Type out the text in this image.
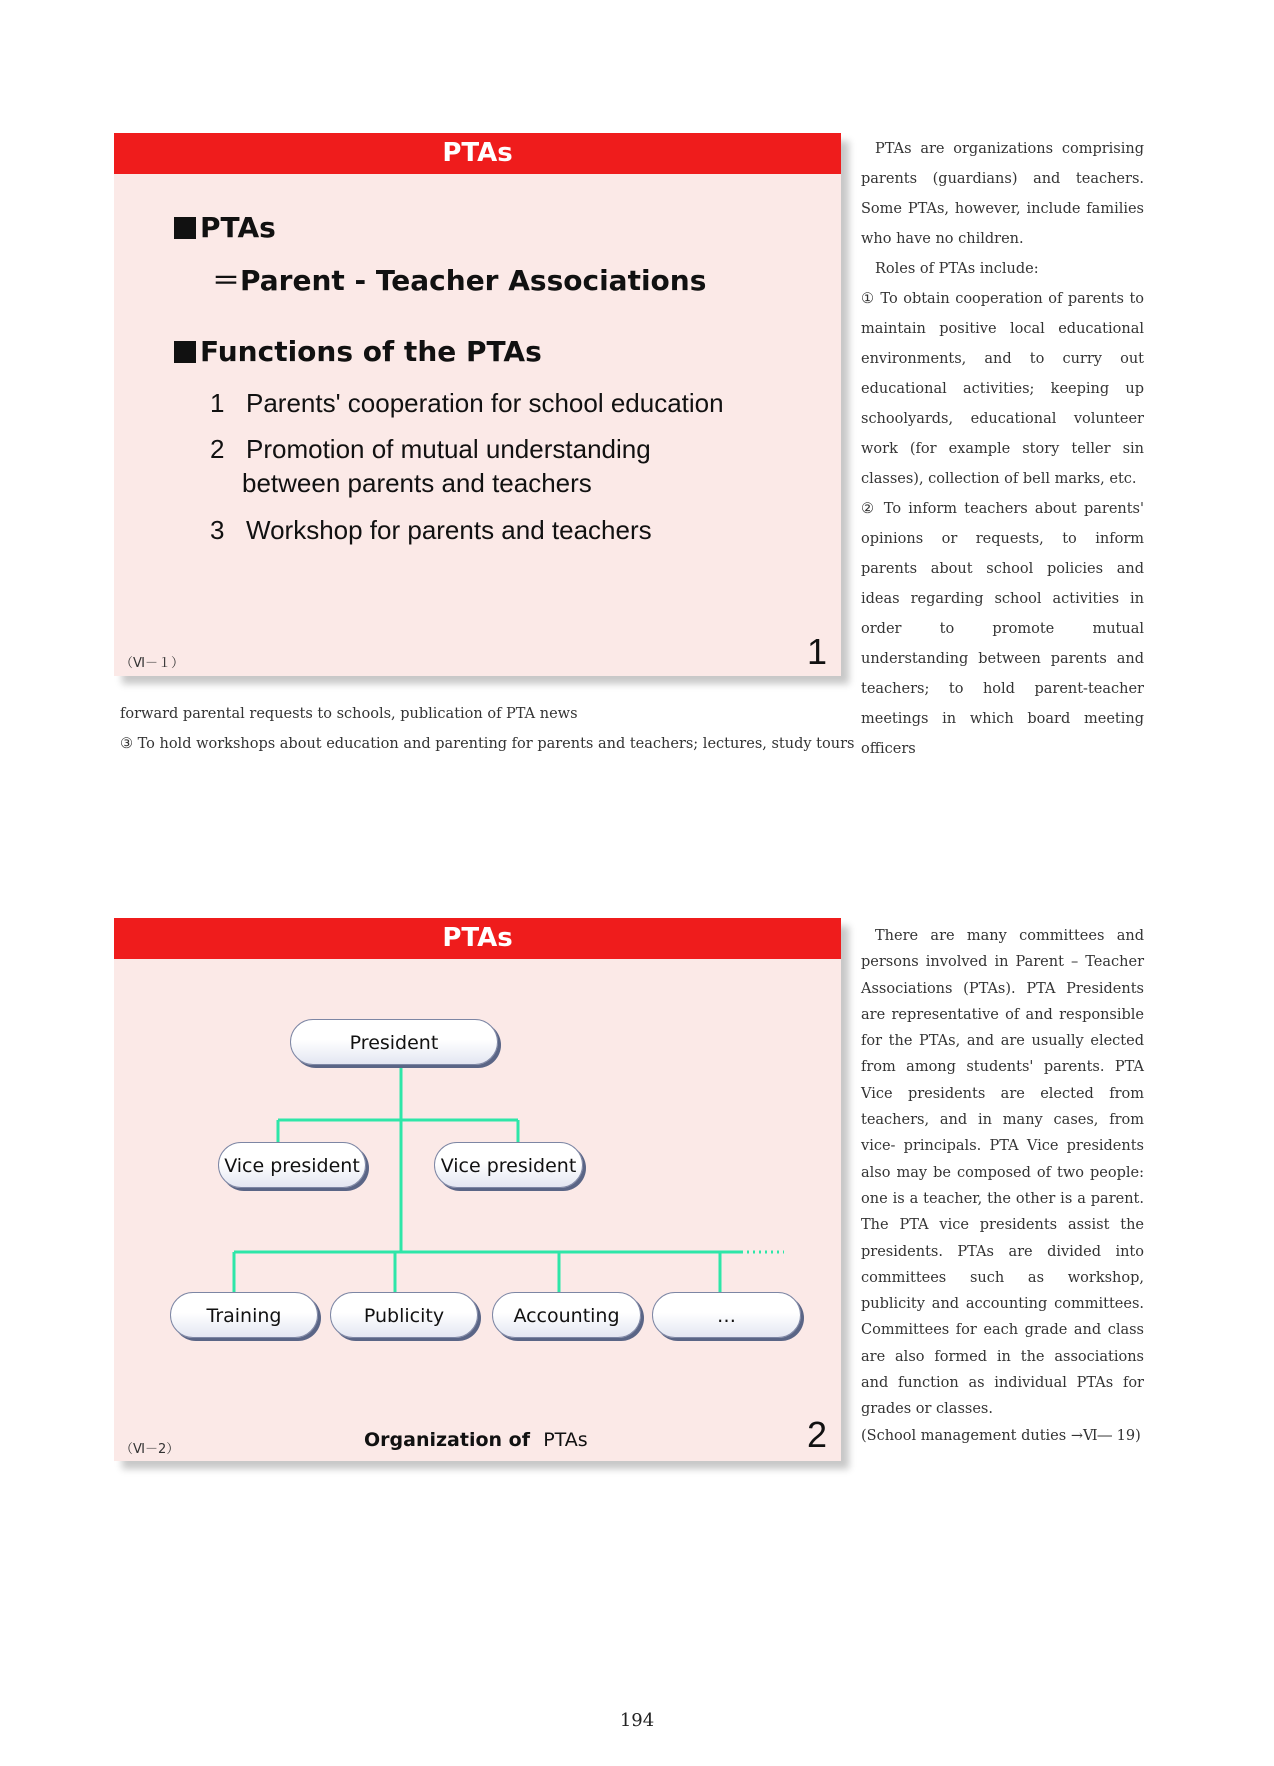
PTAs
PTAs
＝Parent - Teacher Associations
Functions of the PTAs
1 Parents' cooperation for school education
2 Promotion of mutual understanding
between parents and teachers
3 Workshop for parents and teachers
（Ⅵ－１）	1

PTAs are organizations comprising parents (guardians) and teachers. Some PTAs, however, include families who have no children.

Roles of PTAs include:

① To obtain cooperation of parents to maintain positive local educational environments, and to curry out educational activities; keeping up schoolyards, educational volunteer work (for example story teller sin classes), collection of bell marks, etc.

② To inform teachers about parents' opinions or requests, to inform parents about school policies and ideas regarding school activities in order to promote mutual understanding between parents and teachers; to hold parent-teacher meetings in which board meeting officers

forward parental requests to schools, publication of PTA news
③ To hold workshops about education and parenting for parents and teachers; lectures, study tours
PTAs
President
Vice president	Vice president
Training	Publicity	Accounting	…
Organization of PTAs
（Ⅵ－2）	2

There are many committees and persons involved in Parent – Teacher Associations (PTAs). PTA Presidents are representative of and responsible for the PTAs, and are usually elected from among students' parents. PTA Vice presidents are elected from teachers, and in many cases, from vice- principals. PTA Vice presidents also may be composed of two people: one is a teacher, the other is a parent. The PTA vice presidents assist the presidents. PTAs are divided into committees such as workshop, publicity and accounting committees. Committees for each grade and class are also formed in the associations and function as individual PTAs for grades or classes.

(School management duties →Ⅵ― 19)

194
